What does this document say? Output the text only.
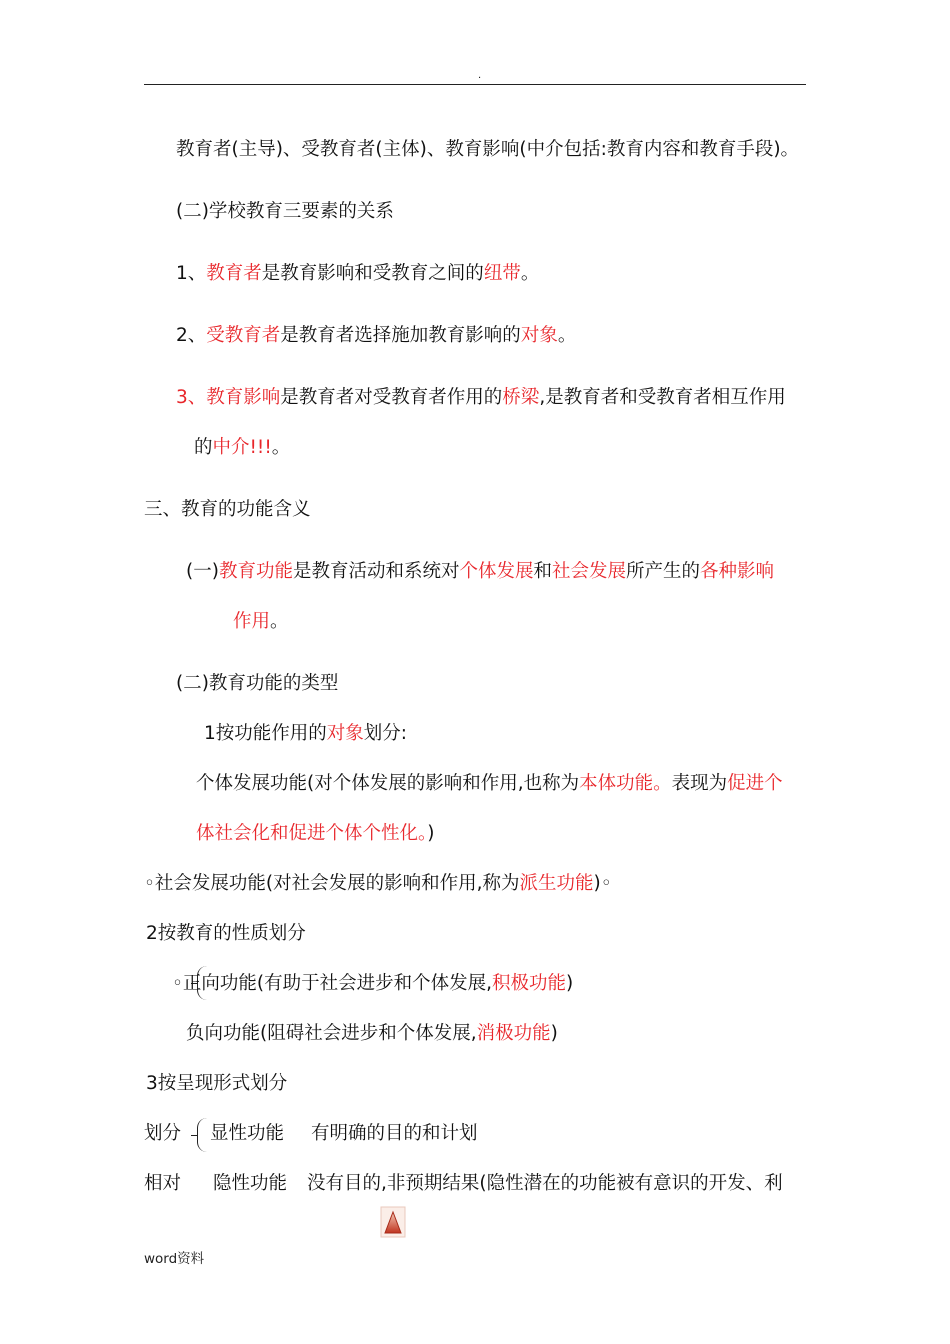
.
教育者(主导)、受教育者(主体)、教育影响(中介包括:教育内容和教育手段)。
(二)学校教育三要素的关系
1、教育者是教育影响和受教育之间的纽带。
2、受教育者是教育者选择施加教育影响的对象。
3、教育影响是教育者对受教育者作用的桥梁,是教育者和受教育者相互作用
的中介!!!。
三、教育的功能含义
(一)教育功能是教育活动和系统对个体发展和社会发展所产生的各种影响
作用。
(二)教育功能的类型
1按功能作用的对象划分:
个体发展功能(对个体发展的影响和作用,也称为本体功能。表现为促进个
体社会化和促进个体个性化。)
◦社会发展功能(对社会发展的影响和作用,称为派生功能)◦
2按教育的性质划分
◦正向功能(有助于社会进步和个体发展,积极功能)
负向功能(阻碍社会进步和个体发展,消极功能)
3按呈现形式划分
划分 显性功能 有明确的目的和计划
相对 隐性功能 没有目的,非预期结果(隐性潜在的功能被有意识的开发、利
word资料
